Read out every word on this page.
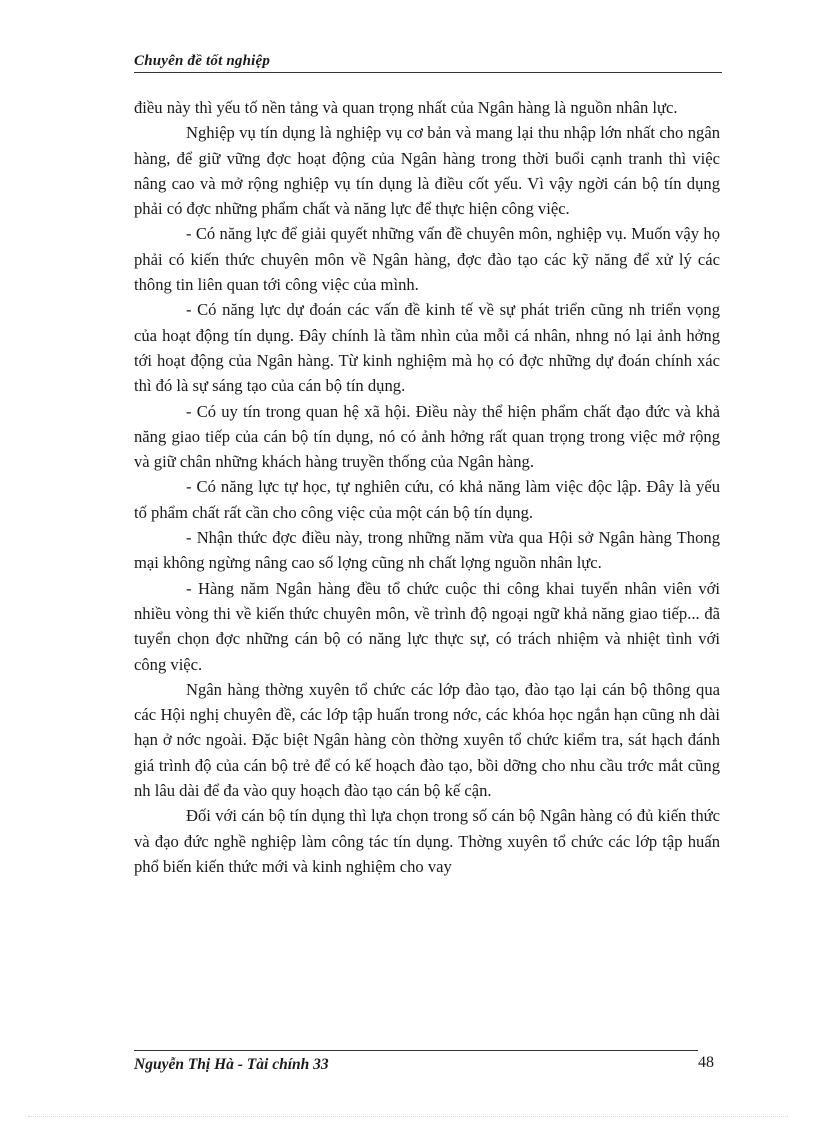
Chuyên đề tốt nghiệp

điều này thì yếu tố nền tảng và quan trọng nhất của Ngân hàng là nguồn nhân lực.

Nghiệp vụ tín dụng là nghiệp vụ cơ bản và mang lại thu nhập lớn nhất cho ngân hàng, để giữ vững đợc hoạt động của Ngân hàng trong thời buổi cạnh tranh thì việc nâng cao và mở rộng nghiệp vụ tín dụng là điều cốt yếu. Vì vậy ngời cán bộ tín dụng phải có đợc những phẩm chất và năng lực để thực hiện công việc.

- Có năng lực để giải quyết những vấn đề chuyên môn, nghiệp vụ. Muốn vậy họ phải có kiến thức chuyên môn về Ngân hàng, đợc đào tạo các kỹ năng để xử lý các thông tin liên quan tới công việc của mình.

- Có năng lực dự đoán các vấn đề kinh tế về sự phát triển cũng nh triển vọng của hoạt động tín dụng. Đây chính là tầm nhìn của mỗi cá nhân, nhng nó lại ảnh hởng tới hoạt động của Ngân hàng. Từ kinh nghiệm mà họ có đợc những dự đoán chính xác thì đó là sự sáng tạo của cán bộ tín dụng.

- Có uy tín trong quan hệ xã hội. Điều này thể hiện phẩm chất đạo đức và khả năng giao tiếp của cán bộ tín dụng, nó có ảnh hởng rất quan trọng trong việc mở rộng và giữ chân những khách hàng truyền thống của Ngân hàng.

- Có năng lực tự học, tự nghiên cứu, có khả năng làm việc độc lập. Đây là yếu tố phẩm chất rất cần cho công việc của một cán bộ tín dụng.

- Nhận thức đợc điều này, trong những năm vừa qua Hội sở Ngân hàng Thong mại không ngừng nâng cao số lợng cũng nh chất lợng nguồn nhân lực.

- Hàng năm Ngân hàng đều tổ chức cuộc thi công khai tuyển nhân viên với nhiều vòng thi về kiến thức chuyên môn, về trình độ ngoại ngữ khả năng giao tiếp... đã tuyển chọn đợc những cán bộ có năng lực thực sự, có trách nhiệm và nhiệt tình với công việc.

Ngân hàng thờng xuyên tổ chức các lớp đào tạo, đào tạo lại cán bộ thông qua các Hội nghị chuyên đề, các lớp tập huấn trong nớc, các khóa học ngắn hạn cũng nh dài hạn ở nớc ngoài. Đặc biệt Ngân hàng còn thờng xuyên tổ chức kiểm tra, sát hạch đánh giá trình độ của cán bộ trẻ để có kế hoạch đào tạo, bồi dỡng cho nhu cầu trớc mắt cũng nh lâu dài để đa vào quy hoạch đào tạo cán bộ kế cận.

Đối với cán bộ tín dụng thì lựa chọn trong số cán bộ Ngân hàng có đủ kiến thức và đạo đức nghề nghiệp làm công tác tín dụng. Thờng xuyên tổ chức các lớp tập huấn phổ biến kiến thức mới và kinh nghiệm cho vay

Nguyễn Thị Hà - Tài chính 33	48
